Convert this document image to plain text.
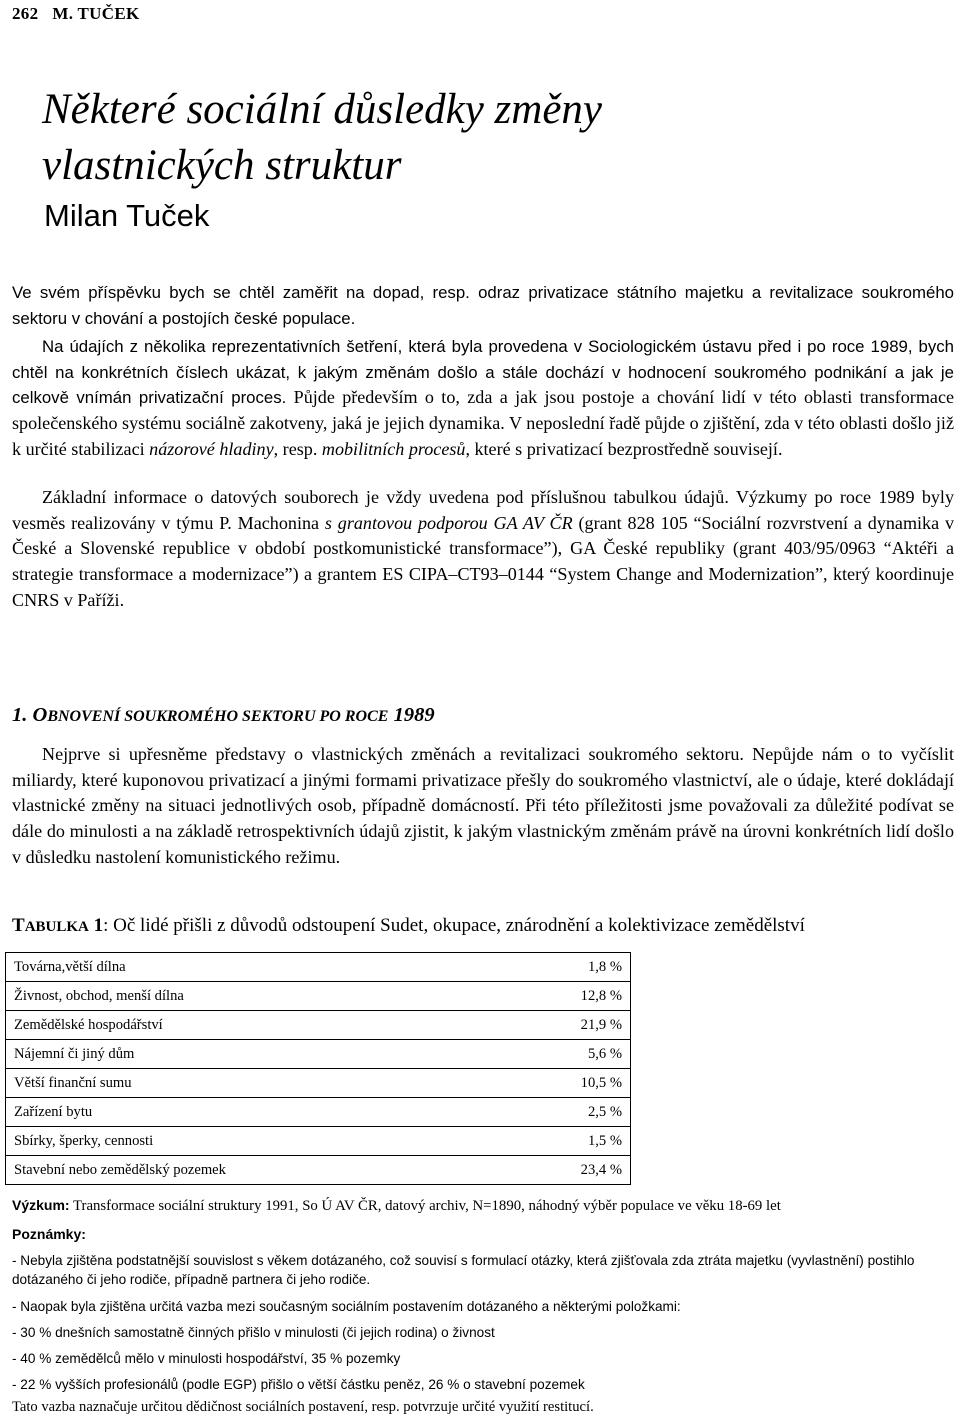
262 M. TUČEK
Některé sociální důsledky změny
vlastnických struktur
Milan Tuček

Ve svém příspěvku bych se chtěl zaměřit na dopad, resp. odraz privatizace státního majetku a revitalizace soukromého sektoru v chování a postojích české populace.

Na údajích z několika reprezentativních šetření, která byla provedena v Sociologickém ústavu před i po roce 1989, bych chtěl na konkrétních číslech ukázat, k jakým změnám došlo a stále dochází v hodnocení soukromého podnikání a jak je celkově vnímán privatizační proces. Půjde především o to, zda a jak jsou postoje a chování lidí v této oblasti transformace společenského systému sociálně zakotveny, jaká je jejich dynamika. V neposlední řadě půjde o zjištění, zda v této oblasti došlo již k určité stabilizaci názorové hladiny, resp. mobilitních procesů, které s privatizací bezprostředně souvisejí.

Základní informace o datových souborech je vždy uvedena pod příslušnou tabulkou údajů. Výzkumy po roce 1989 byly vesměs realizovány v týmu P. Machonina s grantovou podporou GA AV ČR (grant 828 105 “Sociální rozvrstvení a dynamika v České a Slovenské republice v období postkomunistické transformace”), GA České republiky (grant 403/95/0963 “Aktéři a strategie transformace a modernizace”) a grantem ES CIPA–CT93–0144 “System Change and Modernization”, který koordinuje CNRS v Paříži.

1. OBNOVENÍ SOUKROMÉHO SEKTORU PO ROCE 1989

Nejprve si upřesněme představy o vlastnických změnách a revitalizaci soukromého sektoru. Nepůjde nám o to vyčíslit miliardy, které kuponovou privatizací a jinými formami privatizace přešly do soukromého vlastnictví, ale o údaje, které dokládají vlastnické změny na situaci jednotlivých osob, případně domácností. Při této příležitosti jsme považovali za důležité podívat se dále do minulosti a na základě retrospektivních údajů zjistit, k jakým vlastnickým změnám právě na úrovni konkrétních lidí došlo v důsledku nastolení komunistického režimu.

TABULKA 1: Oč lidé přišli z důvodů odstoupení Sudet, okupace, znárodnění a kolektivizace zemědělství
Továrna,větší dílna	1,8 %
Živnost, obchod, menší dílna	12,8 %
Zemědělské hospodářství	21,9 %
Nájemní či jiný dům	5,6 %
Větší finanční sumu	10,5 %
Zařízení bytu	2,5 %
Sbírky, šperky, cennosti	1,5 %
Stavební nebo zemědělský pozemek	23,4 %
Výzkum: Transformace sociální struktury 1991, So Ú AV ČR, datový archiv, N=1890, náhodný výběr populace ve věku 18-69 let
Poznámky:
- Nebyla zjištěna podstatnější souvislost s věkem dotázaného, což souvisí s formulací otázky, která zjišťovala zda ztráta majetku (vyvlastnění) postihlo dotázaného či jeho rodiče, případně partnera či jeho rodiče.
- Naopak byla zjištěna určitá vazba mezi současným sociálním postavením dotázaného a některými položkami:
- 30 % dnešních samostatně činných přišlo v minulosti (či jejich rodina) o živnost
- 40 % zemědělců mělo v minulosti hospodářství, 35 % pozemky
- 22 % vyšších profesionálů (podle EGP) přišlo o větší částku peněz, 26 % o stavební pozemek
Tato vazba naznačuje určitou dědičnost sociálních postavení, resp. potvrzuje určité využití restitucí.
